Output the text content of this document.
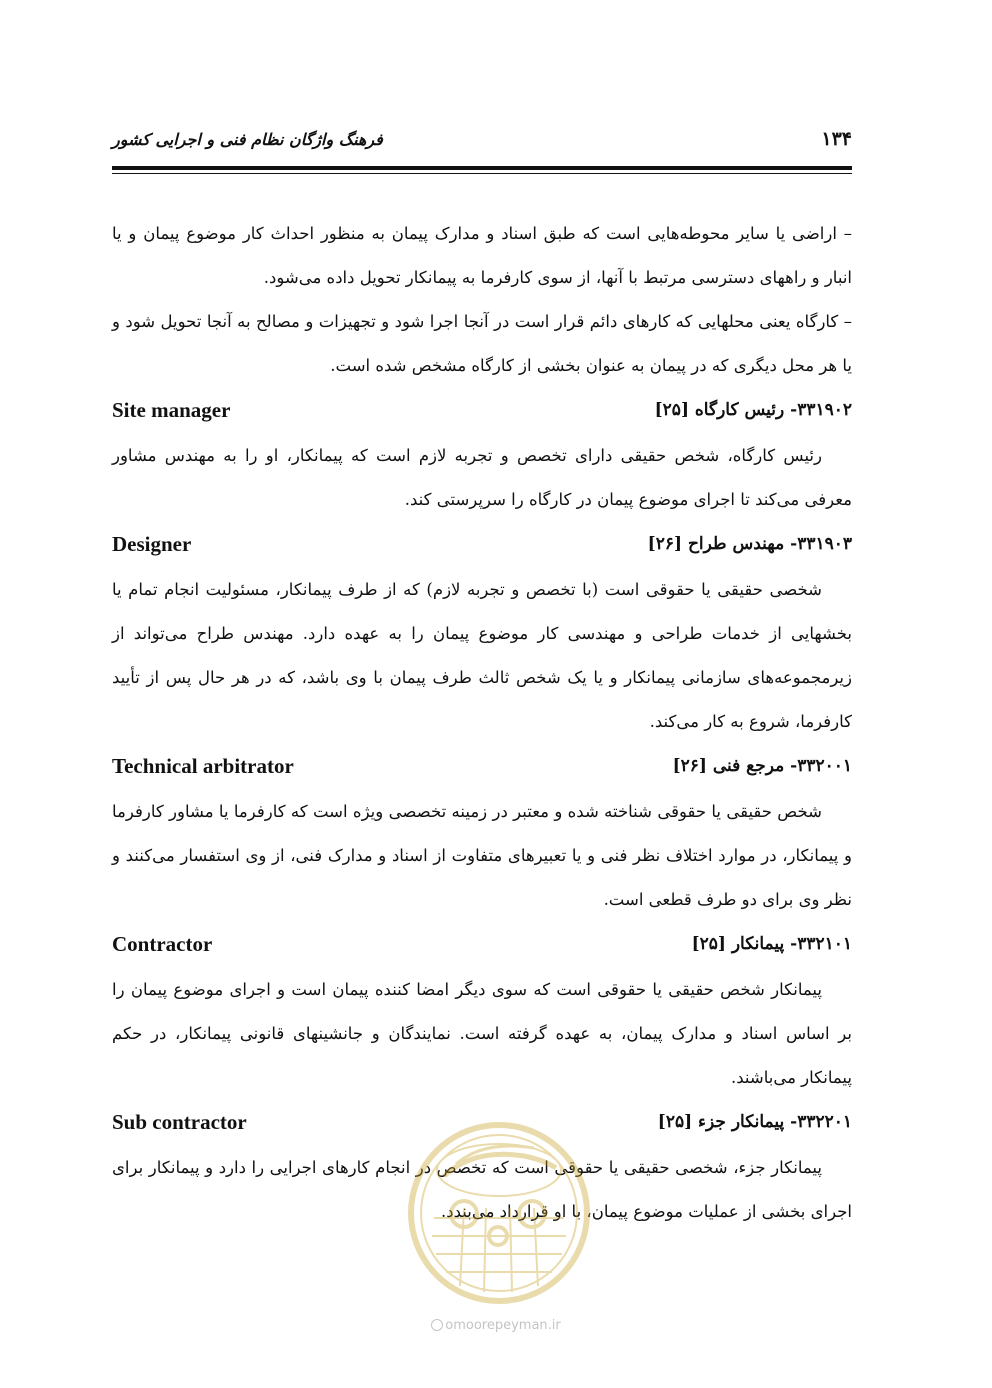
۱۳۴
فرهنگ واژگان نظام فنی و اجرایی کشور

– اراضی یا سایر محوطه‌هایی است که طبق اسناد و مدارک پیمان به منظور احداث کار موضوع پیمان و یا انبار و راههای دسترسی مرتبط با آنها، از سوی کارفرما به پیمانکار تحویل داده می‌شود.

– کارگاه یعنی محلهایی که کارهای دائم قرار است در آنجا اجرا شود و تجهیزات و مصالح به آنجا تحویل شود و یا هر محل دیگری که در پیمان به عنوان بخشی از کارگاه مشخص شده است.

۳۳۱۹۰۲- رئیس کارگاه [۲۵]
Site manager

رئیس کارگاه، شخص حقیقی دارای تخصص و تجربه لازم است که پیمانکار، او را به مهندس مشاور معرفی می‌کند تا اجرای موضوع پیمان در کارگاه را سرپرستی کند.

۳۳۱۹۰۳- مهندس طراح [۲۶]
Designer

شخصی حقیقی یا حقوقی است (با تخصص و تجربه لازم) که از طرف پیمانکار، مسئولیت انجام تمام یا بخشهایی از خدمات طراحی و مهندسی کار موضوع پیمان را به عهده دارد. مهندس طراح می‌تواند از زیرمجموعه‌های سازمانی پیمانکار و یا یک شخص ثالث طرف پیمان با وی باشد، که در هر حال پس از تأیید کارفرما، شروع به کار می‌کند.

۳۳۲۰۰۱- مرجع فنی [۲۶]
Technical arbitrator

شخص حقیقی یا حقوقی شناخته شده و معتبر در زمینه تخصصی ویژه است که کارفرما یا مشاور کارفرما و پیمانکار، در موارد اختلاف نظر فنی و یا تعبیرهای متفاوت از اسناد و مدارک فنی، از وی استفسار می‌کنند و نظر وی برای دو طرف قطعی است.

۳۳۲۱۰۱- پیمانکار [۲۵]
Contractor

پیمانکار شخص حقیقی یا حقوقی است که سوی دیگر امضا کننده پیمان است و اجرای موضوع پیمان را بر اساس اسناد و مدارک پیمان، به عهده گرفته است. نمایندگان و جانشینهای قانونی پیمانکار، در حکم پیمانکار می‌باشند.

۳۳۲۲۰۱- پیمانکار جزء [۲۵]
Sub contractor

پیمانکار جزء، شخصی حقیقی یا حقوقی است که تخصص در انجام کارهای اجرایی را دارد و پیمانکار برای اجرای بخشی از عملیات موضوع پیمان، با او قرارداد می‌بندد.

omoorepeyman.ir
